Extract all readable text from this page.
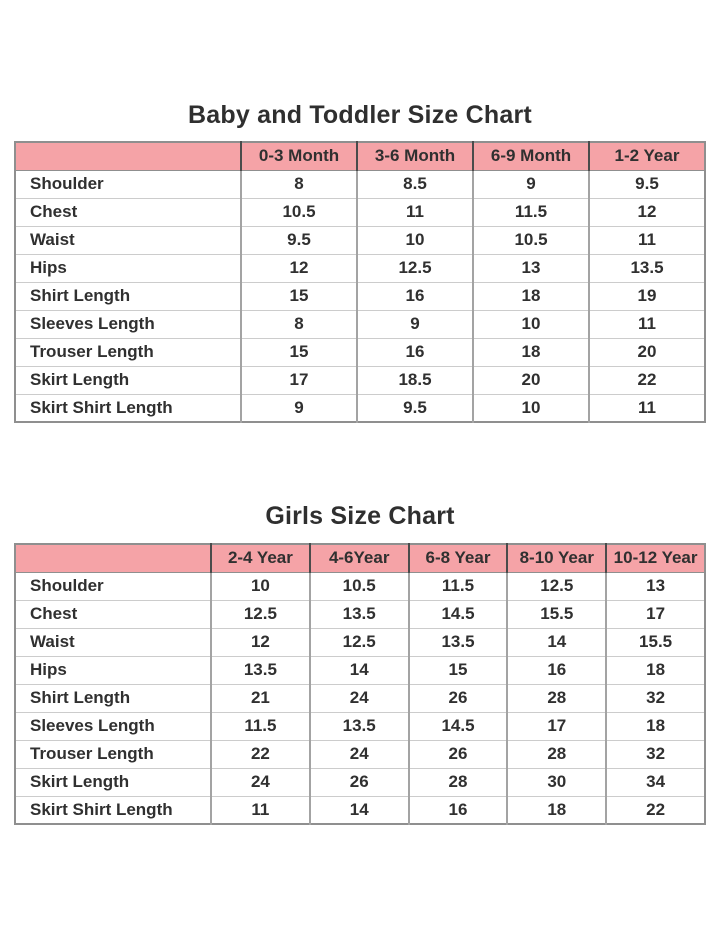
Baby and Toddler Size Chart
	0-3 Month	3-6 Month	6-9 Month	1-2 Year
Shoulder	8	8.5	9	9.5
Chest	10.5	11	11.5	12
Waist	9.5	10	10.5	11
Hips	12	12.5	13	13.5
Shirt Length	15	16	18	19
Sleeves Length	8	9	10	11
Trouser Length	15	16	18	20
Skirt Length	17	18.5	20	22
Skirt Shirt Length	9	9.5	10	11
Girls Size Chart
	2-4 Year	4-6Year	6-8 Year	8-10 Year	10-12 Year
Shoulder	10	10.5	11.5	12.5	13
Chest	12.5	13.5	14.5	15.5	17
Waist	12	12.5	13.5	14	15.5
Hips	13.5	14	15	16	18
Shirt Length	21	24	26	28	32
Sleeves Length	11.5	13.5	14.5	17	18
Trouser Length	22	24	26	28	32
Skirt Length	24	26	28	30	34
Skirt Shirt Length	11	14	16	18	22
